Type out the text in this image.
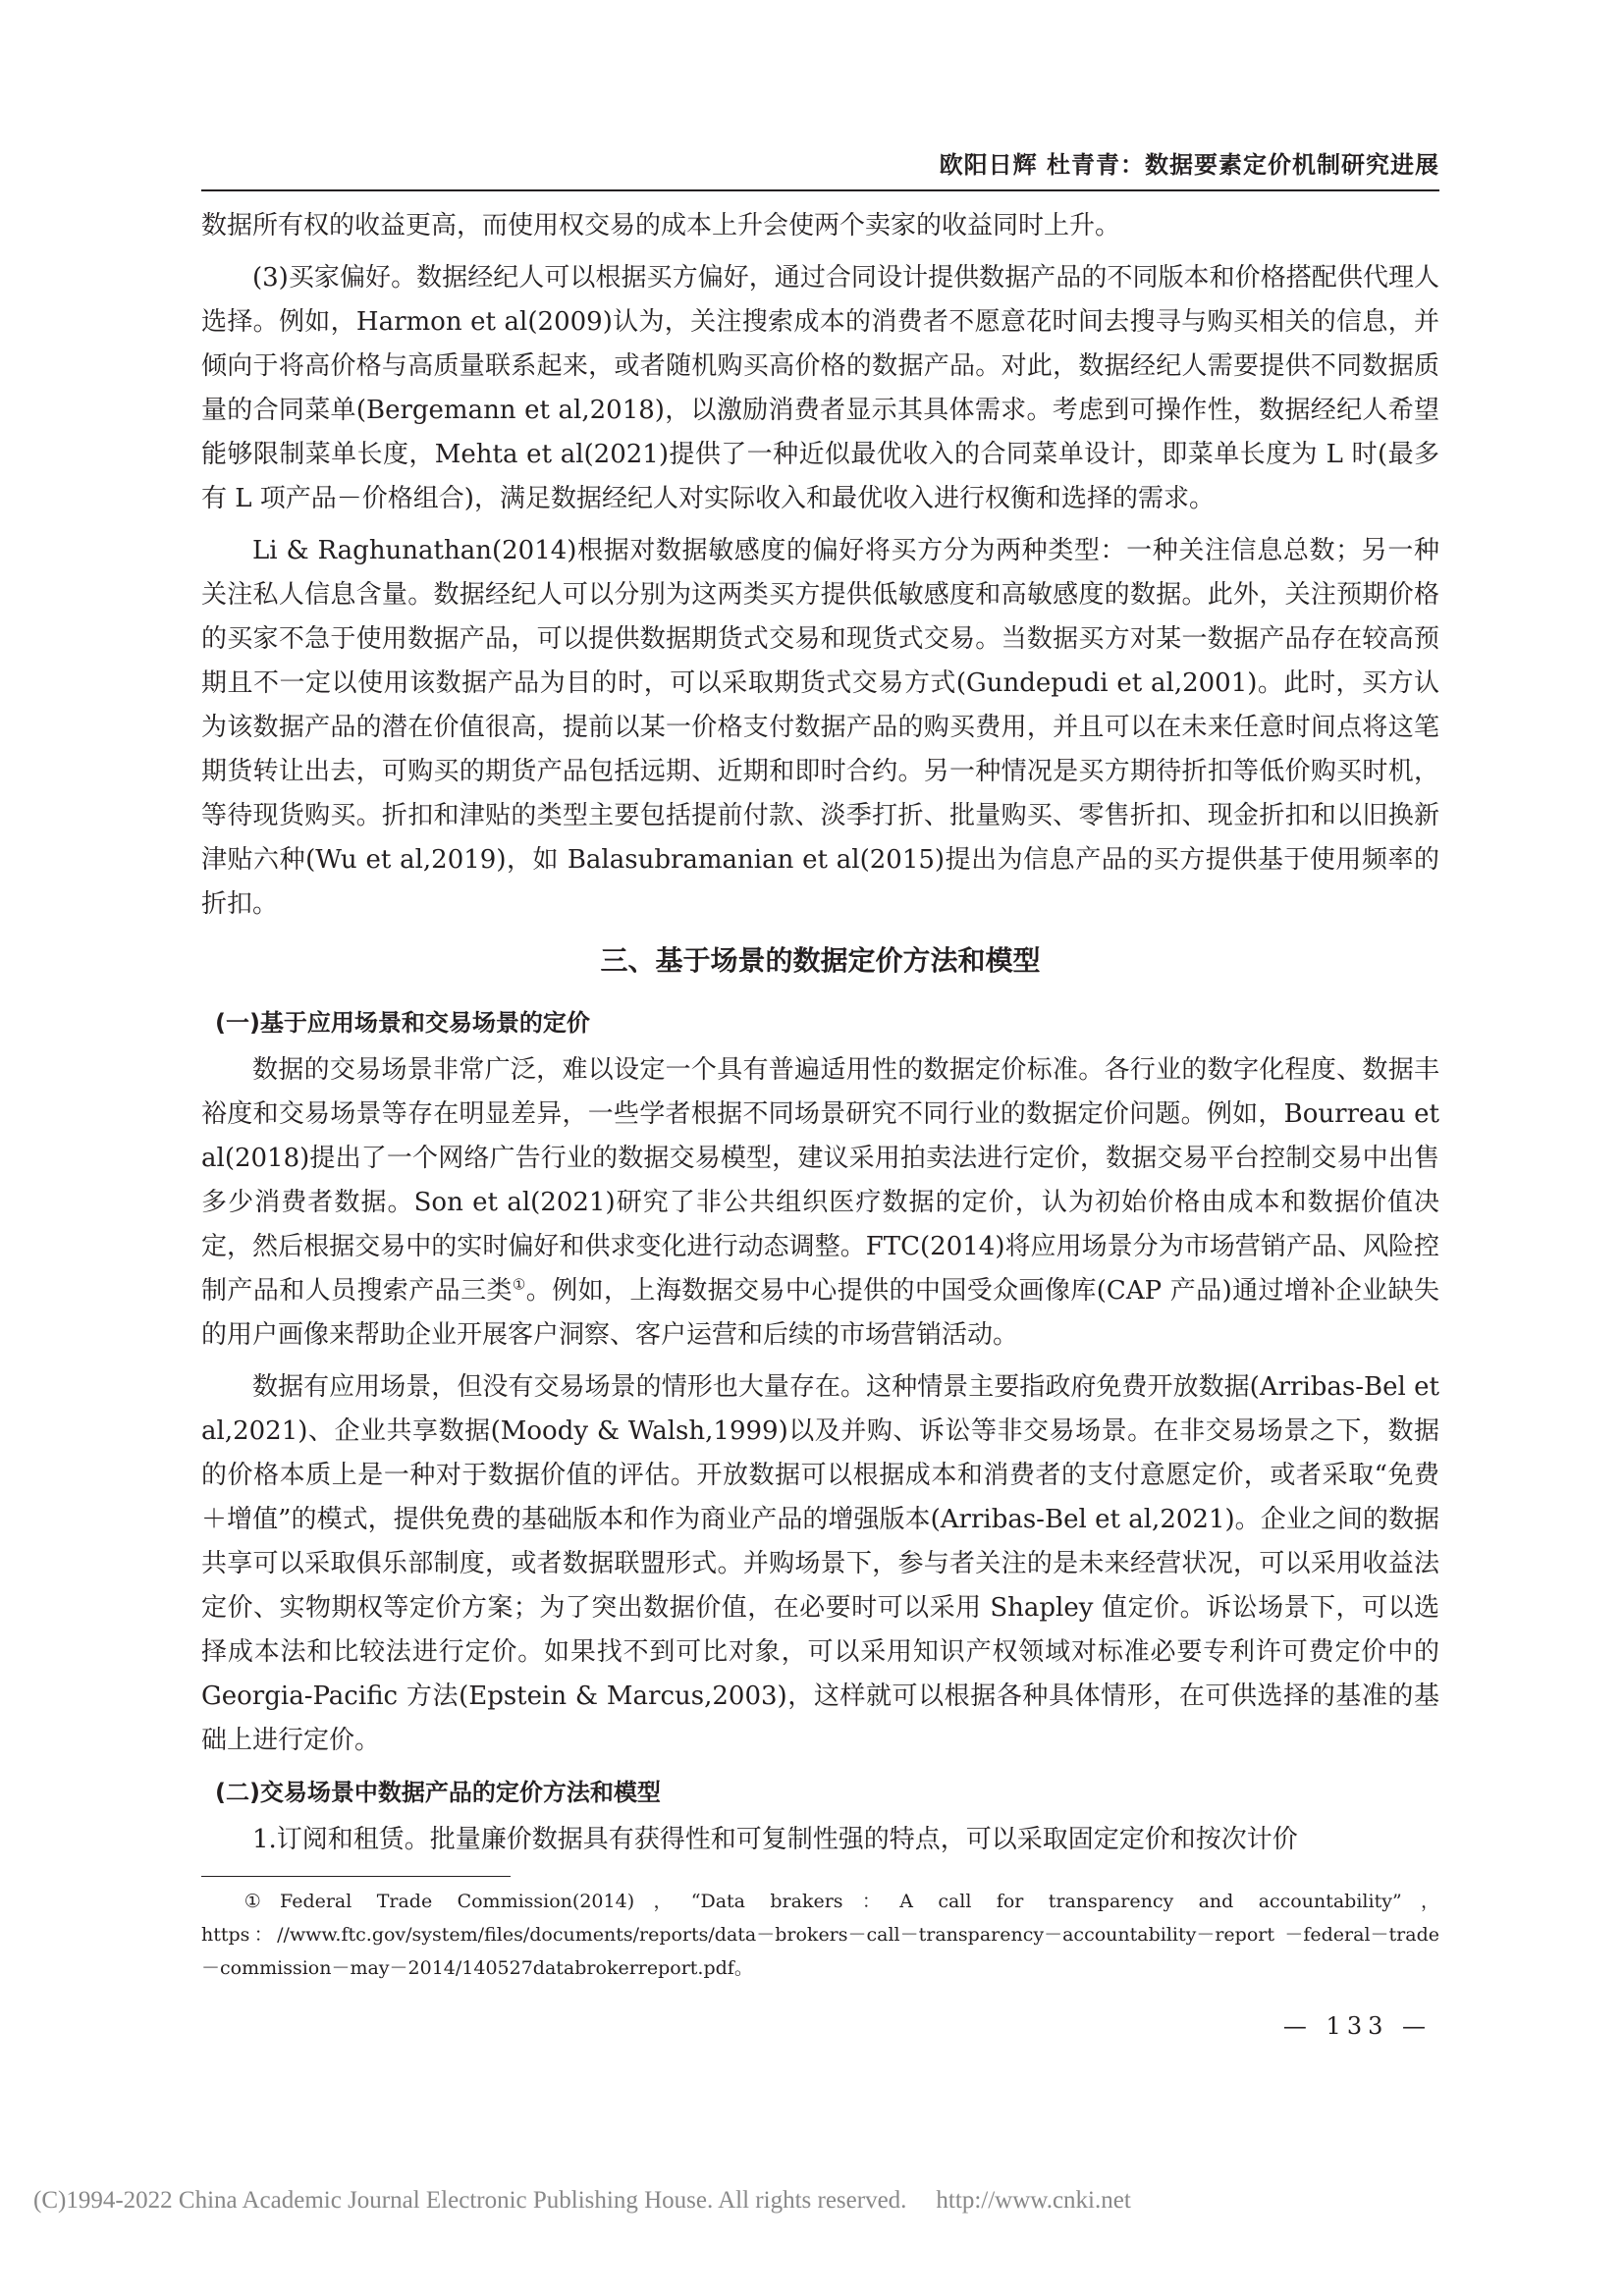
欧阳日辉 杜青青：数据要素定价机制研究进展

数据所有权的收益更高，而使用权交易的成本上升会使两个卖家的收益同时上升。

(3)买家偏好。数据经纪人可以根据买方偏好，通过合同设计提供数据产品的不同版本和价格搭配供代理人选择。例如，Harmon et al(2009)认为，关注搜索成本的消费者不愿意花时间去搜寻与购买相关的信息，并倾向于将高价格与高质量联系起来，或者随机购买高价格的数据产品。对此，数据经纪人需要提供不同数据质量的合同菜单(Bergemann et al,2018)，以激励消费者显示其具体需求。考虑到可操作性，数据经纪人希望能够限制菜单长度，Mehta et al(2021)提供了一种近似最优收入的合同菜单设计，即菜单长度为 L 时(最多有 L 项产品－价格组合)，满足数据经纪人对实际收入和最优收入进行权衡和选择的需求。

Li & Raghunathan(2014)根据对数据敏感度的偏好将买方分为两种类型：一种关注信息总数；另一种关注私人信息含量。数据经纪人可以分别为这两类买方提供低敏感度和高敏感度的数据。此外，关注预期价格的买家不急于使用数据产品，可以提供数据期货式交易和现货式交易。当数据买方对某一数据产品存在较高预期且不一定以使用该数据产品为目的时，可以采取期货式交易方式(Gundepudi et al,2001)。此时，买方认为该数据产品的潜在价值很高，提前以某一价格支付数据产品的购买费用，并且可以在未来任意时间点将这笔期货转让出去，可购买的期货产品包括远期、近期和即时合约。另一种情况是买方期待折扣等低价购买时机，等待现货购买。折扣和津贴的类型主要包括提前付款、淡季打折、批量购买、零售折扣、现金折扣和以旧换新津贴六种(Wu et al,2019)，如 Balasubramanian et al(2015)提出为信息产品的买方提供基于使用频率的折扣。

三、基于场景的数据定价方法和模型
(一)基于应用场景和交易场景的定价

数据的交易场景非常广泛，难以设定一个具有普遍适用性的数据定价标准。各行业的数字化程度、数据丰裕度和交易场景等存在明显差异，一些学者根据不同场景研究不同行业的数据定价问题。例如，Bourreau et al(2018)提出了一个网络广告行业的数据交易模型，建议采用拍卖法进行定价，数据交易平台控制交易中出售多少消费者数据。Son et al(2021)研究了非公共组织医疗数据的定价，认为初始价格由成本和数据价值决定，然后根据交易中的实时偏好和供求变化进行动态调整。FTC(2014)将应用场景分为市场营销产品、风险控制产品和人员搜索产品三类①。例如，上海数据交易中心提供的中国受众画像库(CAP 产品)通过增补企业缺失的用户画像来帮助企业开展客户洞察、客户运营和后续的市场营销活动。

数据有应用场景，但没有交易场景的情形也大量存在。这种情景主要指政府免费开放数据(Arribas-Bel et al,2021)、企业共享数据(Moody & Walsh,1999)以及并购、诉讼等非交易场景。在非交易场景之下，数据的价格本质上是一种对于数据价值的评估。开放数据可以根据成本和消费者的支付意愿定价，或者采取“免费＋增值”的模式，提供免费的基础版本和作为商业产品的增强版本(Arribas-Bel et al,2021)。企业之间的数据共享可以采取俱乐部制度，或者数据联盟形式。并购场景下，参与者关注的是未来经营状况，可以采用收益法定价、实物期权等定价方案；为了突出数据价值，在必要时可以采用 Shapley 值定价。诉讼场景下，可以选择成本法和比较法进行定价。如果找不到可比对象，可以采用知识产权领域对标准必要专利许可费定价中的 Georgia-Pacific 方法(Epstein & Marcus,2003)，这样就可以根据各种具体情形，在可供选择的基准的基础上进行定价。

(二)交易场景中数据产品的定价方法和模型

1.订阅和租赁。批量廉价数据具有获得性和可复制性强的特点，可以采取固定定价和按次计价

①Federal Trade Commission(2014)，“Data brakers：A call for transparency and accountability”，https：//www.ftc.gov/system/files/documents/reports/data－brokers－call－transparency－accountability－report －federal－trade－commission－may－2014/140527databrokerreport.pdf。

— 133 —
(C)1994-2022 China Academic Journal Electronic Publishing House. All rights reserved. http://www.cnki.net
